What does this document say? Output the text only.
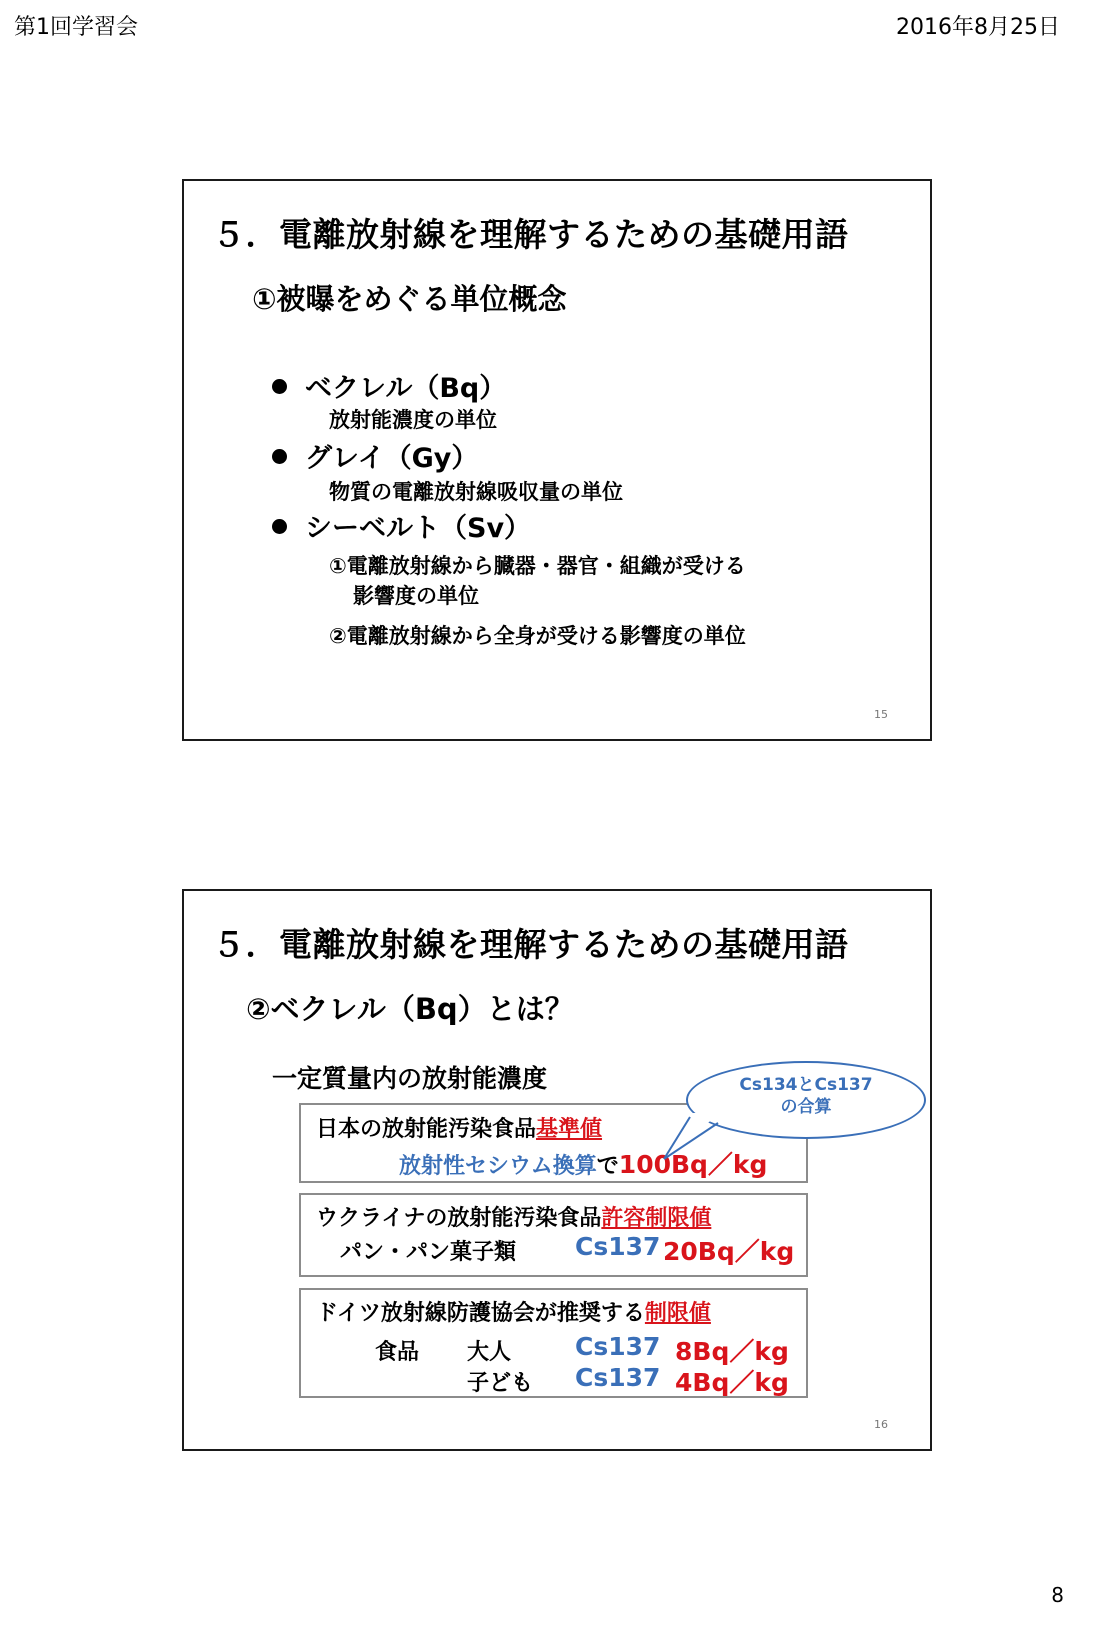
第1回学習会	2016年8月25日
５．電離放射線を理解するための基礎用語
①被曝をめぐる単位概念
ベクレル（Bq）
放射能濃度の単位
グレイ（Gy）
物質の電離放射線吸収量の単位
シーベルト（Sv）
①電離放射線から臓器・器官・組織が受ける
影響度の単位
②電離放射線から全身が受ける影響度の単位
15
５．電離放射線を理解するための基礎用語
②ベクレル（Bq）とは？
一定質量内の放射能濃度
日本の放射能汚染食品基準値
放射性セシウム換算で100Bq／kg
ウクライナの放射能汚染食品許容制限値
パン・パン菓子類 Cs137 20Bq／kg
ドイツ放射線防護協会が推奨する制限値
食品 大人	Cs137 8Bq／kg
子ども Cs137 4Bq／kg
Cs134とCs137
の合算
16
8
